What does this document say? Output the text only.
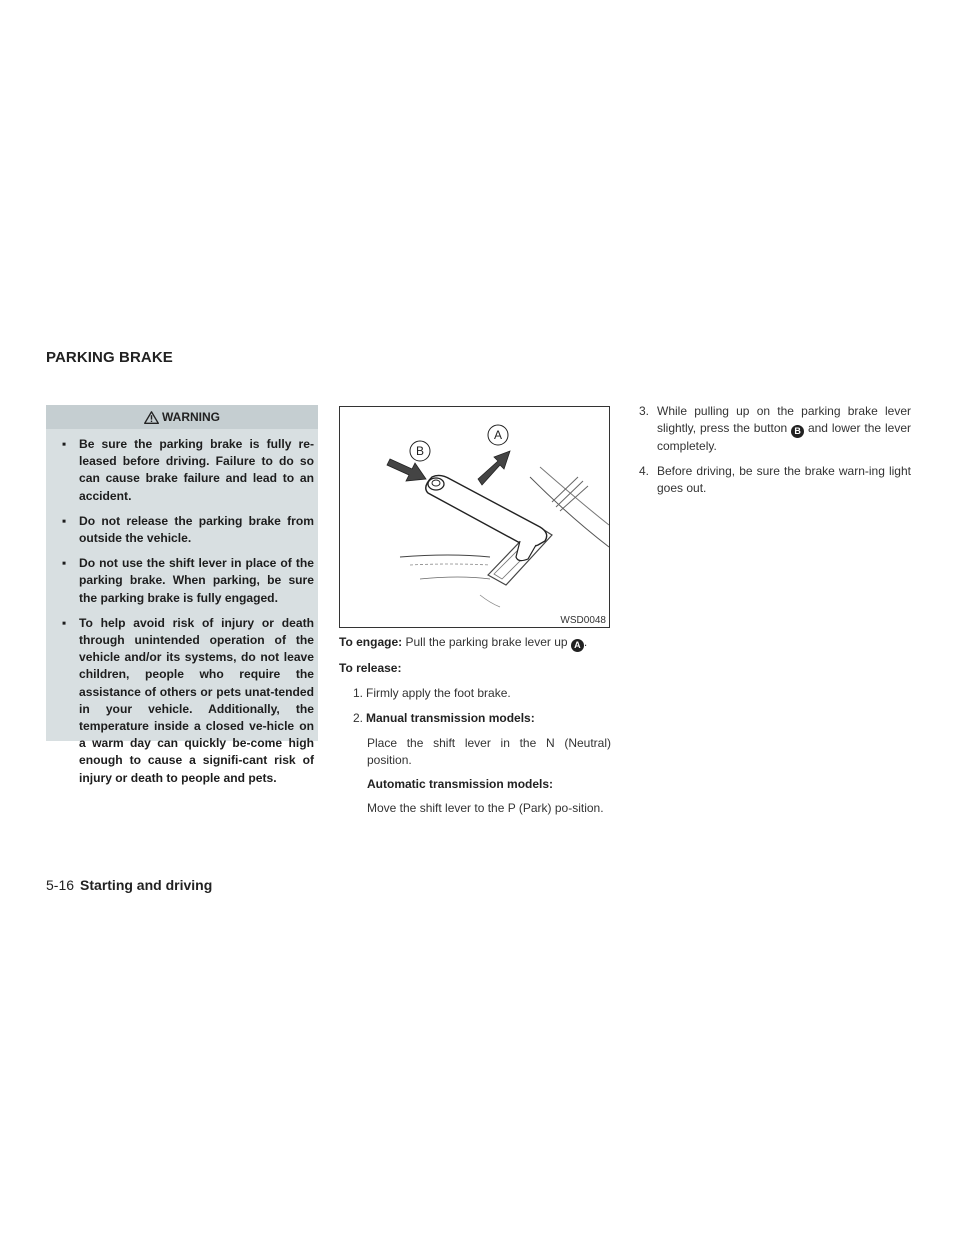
PARKING BRAKE
WARNING
▪ Be sure the parking brake is fully re-leased before driving. Failure to do so can cause brake failure and lead to an accident.
▪ Do not release the parking brake from outside the vehicle.
▪ Do not use the shift lever in place of the parking brake. When parking, be sure the parking brake is fully engaged.
▪ To help avoid risk of injury or death through unintended operation of the vehicle and/or its systems, do not leave children, people who require the assistance of others or pets unat-tended in your vehicle. Additionally, the temperature inside a closed ve-hicle on a warm day can quickly be-come high enough to cause a signifi-cant risk of injury or death to people and pets.
B
A
WSD0048

To engage: Pull the parking brake lever up A .

To release:

1. Firmly apply the foot brake.
2. Manual transmission models:

Place the shift lever in the N (Neutral) position.

Automatic transmission models:

Move the shift lever to the P (Park) po-sition.

3. While pulling up on the parking brake lever slightly, press the button B and lower the lever completely.
4. Before driving, be sure the brake warn-ing light goes out.
5-16 Starting and driving
